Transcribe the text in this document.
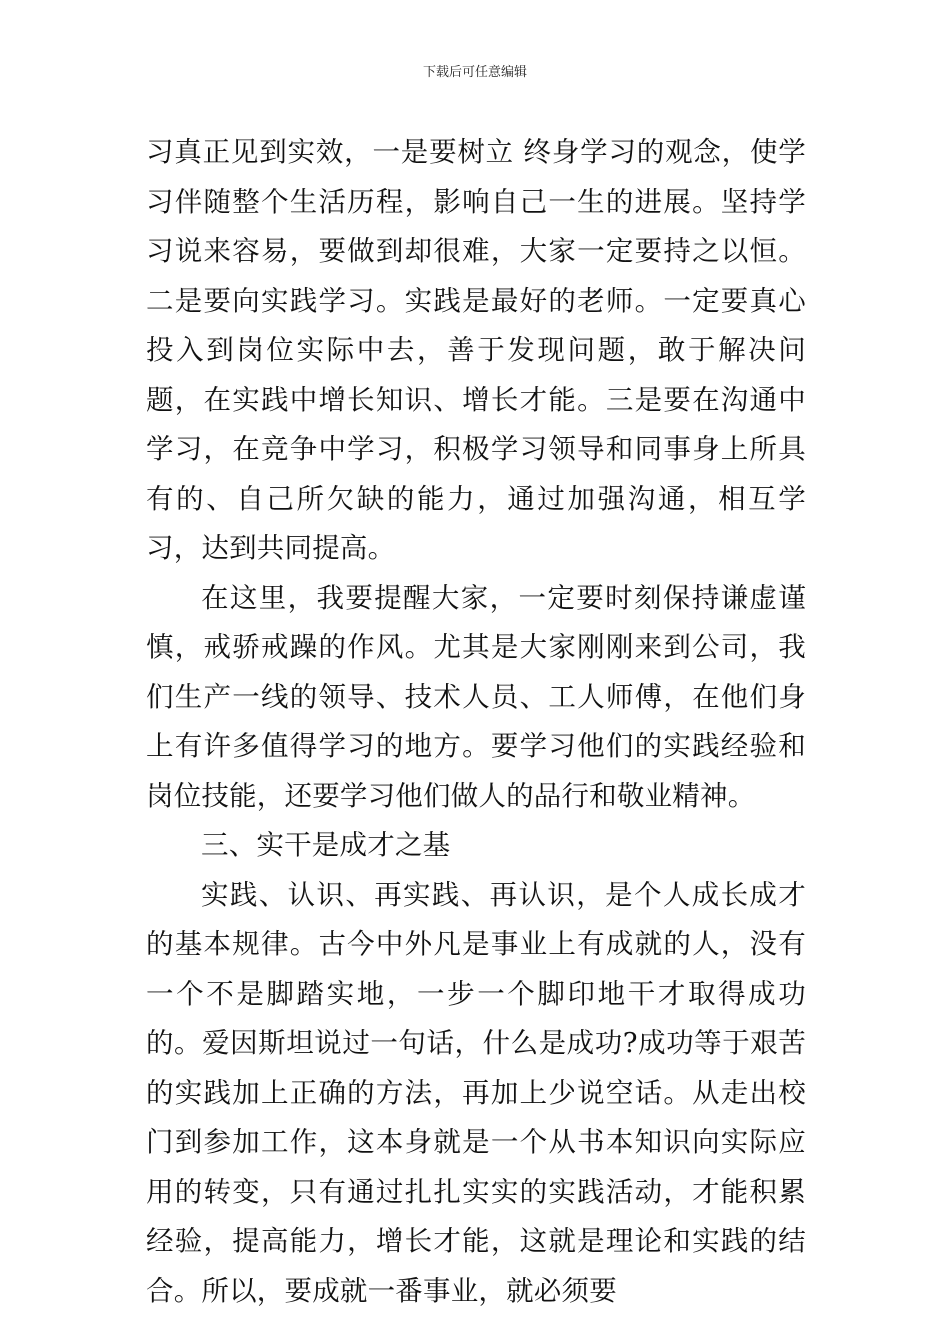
下载后可任意编辑

习真正见到实效，一是要树立 终身学习的观念，使学习伴随整个生活历程，影响自己一生的进展。坚持学习说来容易，要做到却很难，大家一定要持之以恒。二是要向实践学习。实践是最好的老师。一定要真心投入到岗位实际中去，善于发现问题，敢于解决问题，在实践中增长知识、增长才能。三是要在沟通中学习，在竞争中学习，积极学习领导和同事身上所具有的、自己所欠缺的能力，通过加强沟通，相互学习，达到共同提高。

在这里，我要提醒大家，一定要时刻保持谦虚谨慎，戒骄戒躁的作风。尤其是大家刚刚来到公司，我们生产一线的领导、技术人员、工人师傅，在他们身上有许多值得学习的地方。要学习他们的实践经验和岗位技能，还要学习他们做人的品行和敬业精神。

三、实干是成才之基

实践、认识、再实践、再认识，是个人成长成才的基本规律。古今中外凡是事业上有成就的人，没有一个不是脚踏实地，一步一个脚印地干才取得成功的。爱因斯坦说过一句话，什么是成功?成功等于艰苦的实践加上正确的方法，再加上少说空话。从走出校门到参加工作，这本身就是一个从书本知识向实际应用的转变，只有通过扎扎实实的实践活动，才能积累经验，提高能力，增长才能，这就是理论和实践的结合。所以，要成就一番事业，就必须要
